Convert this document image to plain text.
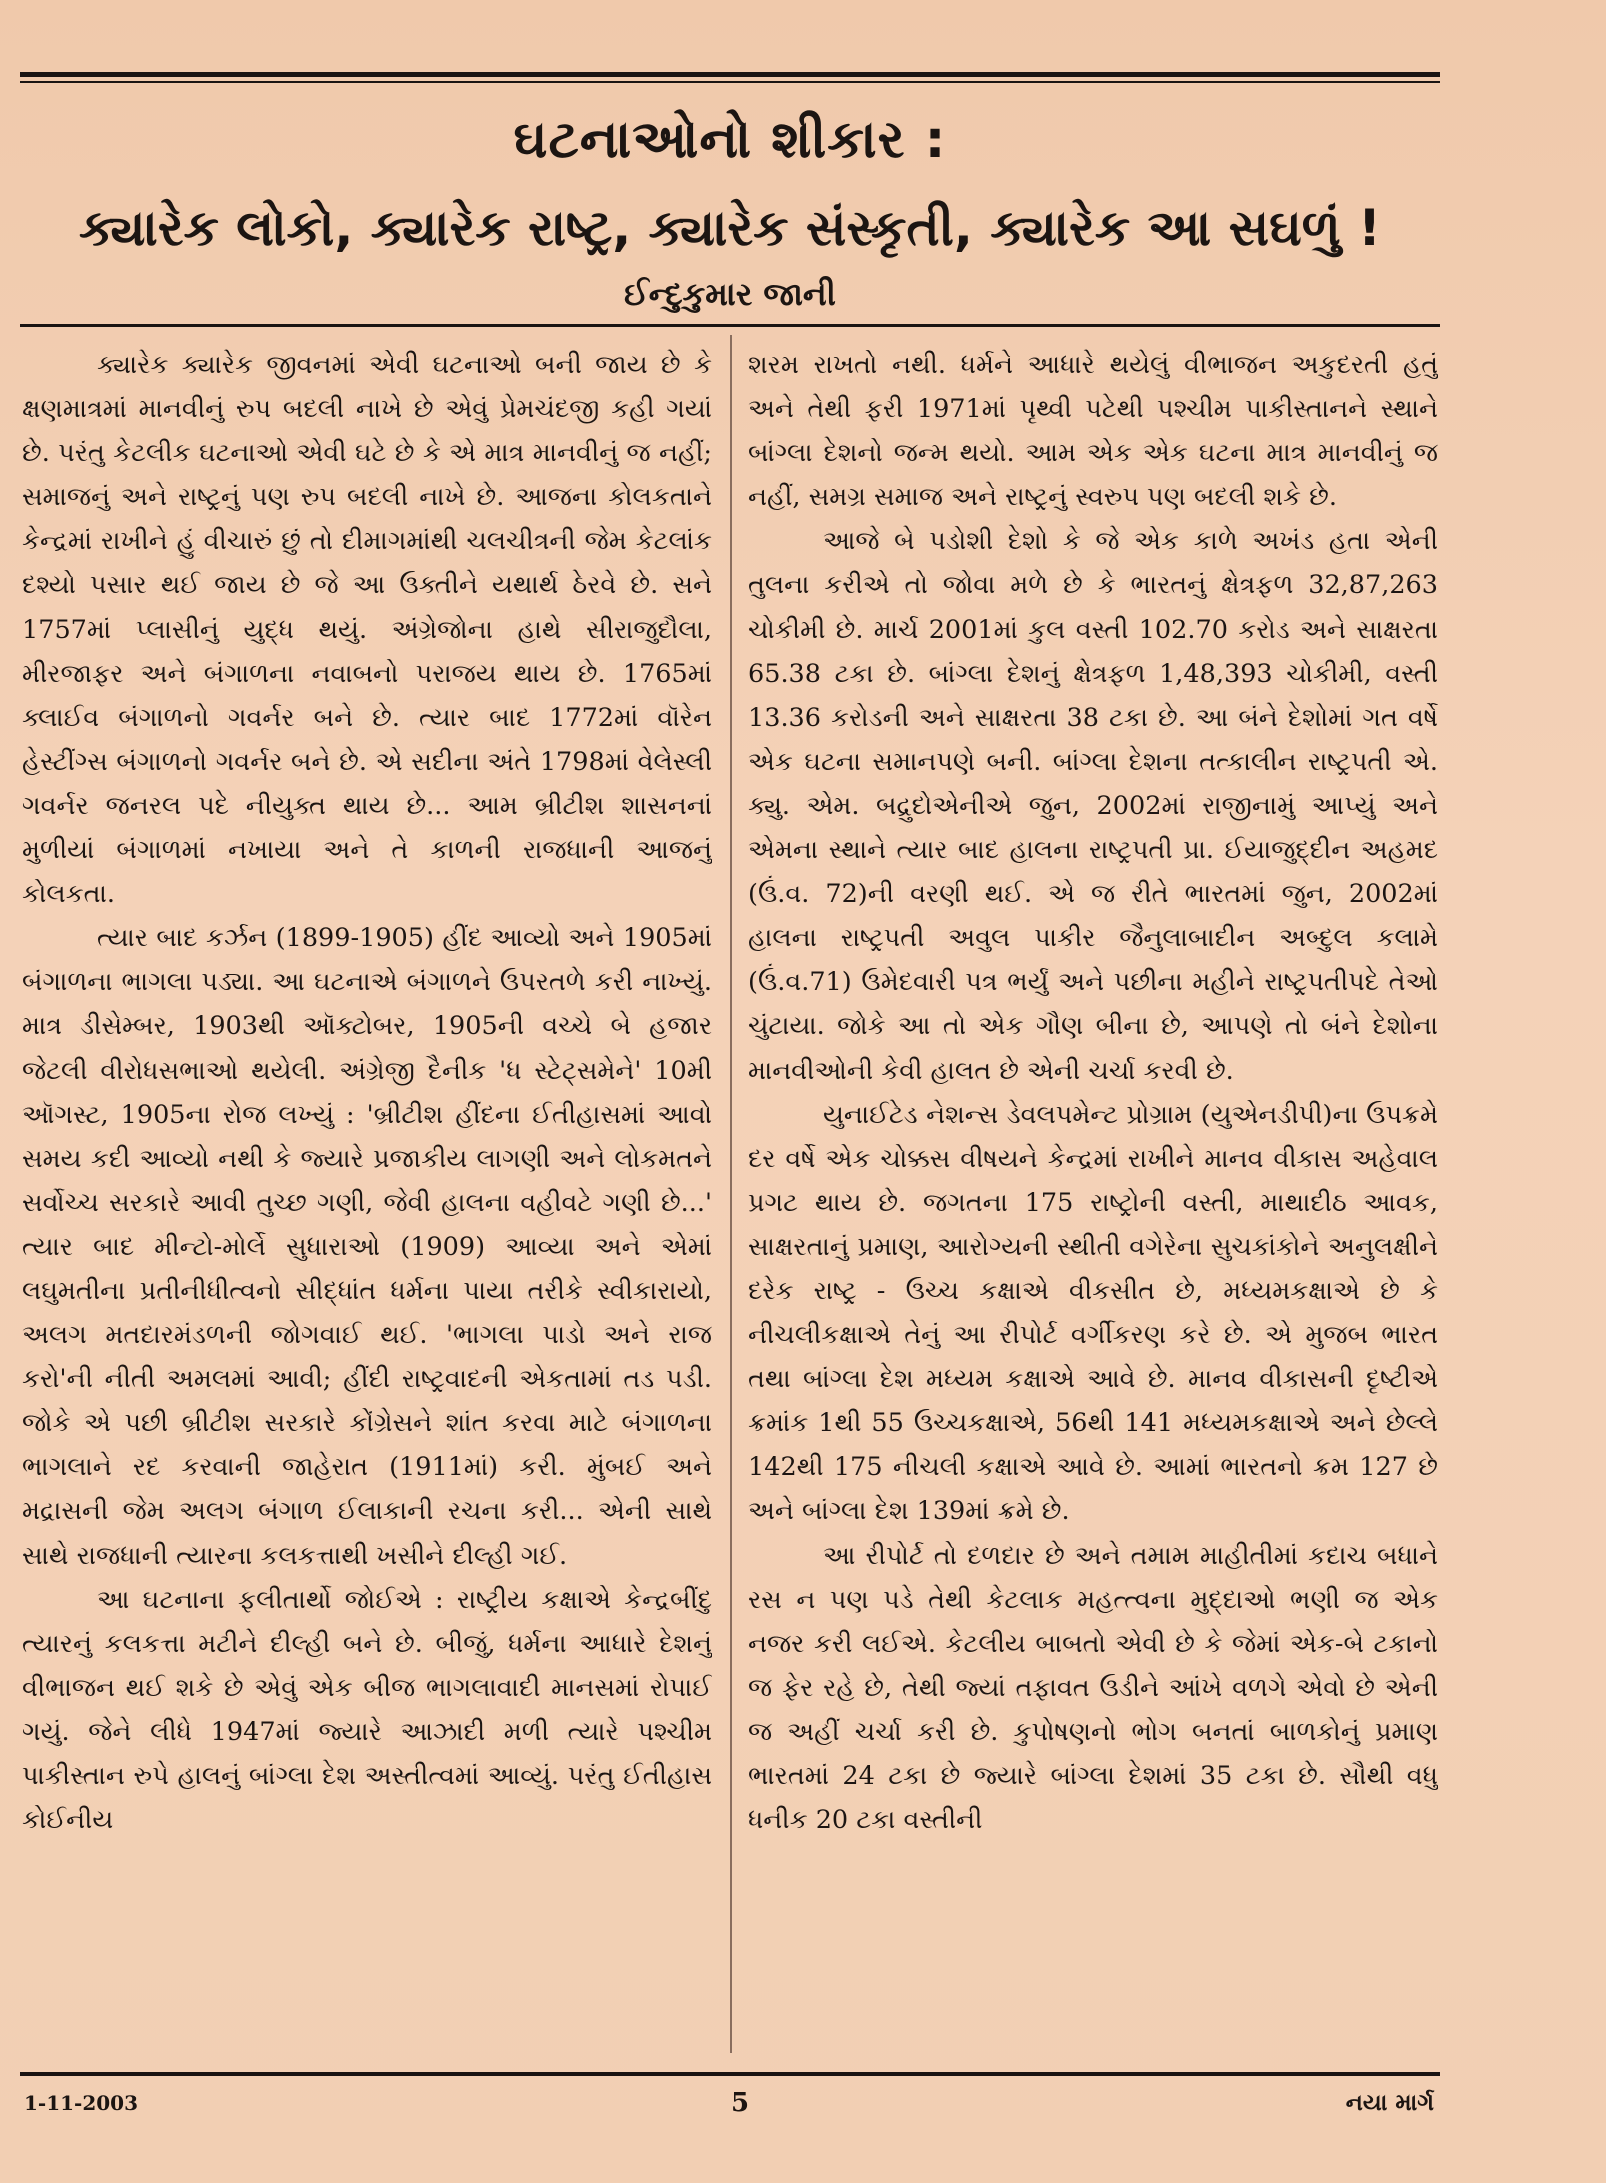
ઘટનાઓનો શીકાર :
ક્યારેક લોકો, ક્યારેક રાષ્ટ્ર, ક્યારેક સંસ્કૃતી, ક્યારેક આ સઘળું !
ઈન્દુકુમાર જાની

ક્યારેક ક્યારેક જીવનમાં એવી ઘટનાઓ બની જાય છે કે ક્ષણમાત્રમાં માનવીનું રુપ બદલી નાખે છે એવું પ્રેમચંદજી કહી ગયાં છે. પરંતુ કેટલીક ઘટનાઓ એવી ઘટે છે કે એ માત્ર માનવીનું જ નહીં; સમાજનું અને રાષ્ટ્રનું પણ રુપ બદલી નાખે છે. આજના કોલકતાને કેન્દ્રમાં રાખીને હું વીચારું છું તો દીમાગમાંથી ચલચીત્રની જેમ કેટલાંક દશ્યો પસાર થઈ જાય છે જે આ ઉક્તીને યથાર્થ ઠેરવે છે. સને 1757માં પ્લાસીનું યુદ્ધ થયું. અંગ્રેજોના હાથે સીરાજુદૌલા, મીરજાફર અને બંગાળના નવાબનો પરાજય થાય છે. 1765માં ક્લાઈવ બંગાળનો ગવર્નર બને છે. ત્યાર બાદ 1772માં વૉરેન હેસ્ટીંગ્સ બંગાળનો ગવર્નર બને છે. એ સદીના અંતે 1798માં વેલેસ્લી ગવર્નર જનરલ પદે નીયુક્ત થાય છે... આમ બ્રીટીશ શાસનનાં મુળીયાં બંગાળમાં નખાયા અને તે કાળની રાજધાની આજનું કોલકતા.

ત્યાર બાદ કર્ઝન (1899-1905) હીંદ આવ્યો અને 1905માં બંગાળના ભાગલા પડ્યા. આ ઘટનાએ બંગાળને ઉપરતળે કરી નાખ્યું. માત્ર ડીસેમ્બર, 1903થી ઑક્ટોબર, 1905ની વચ્ચે બે હજાર જેટલી વીરોધસભાઓ થયેલી. અંગ્રેજી દૈનીક 'ધ સ્ટેટ્સમેને' 10મી ઑગસ્ટ, 1905ના રોજ લખ્યું : 'બ્રીટીશ હીંદના ઈતીહાસમાં આવો સમય કદી આવ્યો નથી કે જ્યારે પ્રજાકીય લાગણી અને લોકમતને સર્વોચ્ચ સરકારે આવી તુચ્છ ગણી, જેવી હાલના વહીવટે ગણી છે...' ત્યાર બાદ મીન્ટો-મોર્લે સુધારાઓ (1909) આવ્યા અને એમાં લઘુમતીના પ્રતીનીધીત્વનો સીદ્ધાંત ધર્મના પાયા તરીકે સ્વીકારાયો, અલગ મતદારમંડળની જોગવાઈ થઈ. 'ભાગલા પાડો અને રાજ કરો'ની નીતી અમલમાં આવી; હીંદી રાષ્ટ્રવાદની એકતામાં તડ પડી. જોકે એ પછી બ્રીટીશ સરકારે કોંગ્રેસને શાંત કરવા માટે બંગાળના ભાગલાને રદ કરવાની જાહેરાત (1911માં) કરી. મુંબઈ અને મદ્રાસની જેમ અલગ બંગાળ ઈલાકાની રચના કરી... એની સાથે સાથે રાજધાની ત્યારના કલકત્તાથી ખસીને દીલ્હી ગઈ.

આ ઘટનાના ફલીતાર્થો જોઈએ : રાષ્ટ્રીય કક્ષાએ કેન્દ્રબીંદુ ત્યારનું કલકત્તા મટીને દીલ્હી બને છે. બીજું, ધર્મના આધારે દેશનું વીભાજન થઈ શકે છે એવું એક બીજ ભાગલાવાદી માનસમાં રોપાઈ ગયું. જેને લીધે 1947માં જ્યારે આઝાદી મળી ત્યારે પશ્ચીમ પાકીસ્તાન રુપે હાલનું બાંગ્લા દેશ અસ્તીત્વમાં આવ્યું. પરંતુ ઈતીહાસ કોઈનીય

શરમ રાખતો નથી. ધર્મને આધારે થયેલું વીભાજન અકુદરતી હતું અને તેથી ફરી 1971માં પૃથ્વી પટેથી પશ્ચીમ પાકીસ્તાનને સ્થાને બાંગ્લા દેશનો જન્મ થયો. આમ એક એક ઘટના માત્ર માનવીનું જ નહીં, સમગ્ર સમાજ અને રાષ્ટ્રનું સ્વરુપ પણ બદલી શકે છે.

આજે બે પડોશી દેશો કે જે એક કાળે અખંડ હતા એની તુલના કરીએ તો જોવા મળે છે કે ભારતનું ક્ષેત્રફળ 32,87,263 ચોકીમી છે. માર્ચ 2001માં કુલ વસ્તી 102.70 કરોડ અને સાક્ષરતા 65.38 ટકા છે. બાંગ્લા દેશનું ક્ષેત્રફળ 1,48,393 ચોકીમી, વસ્તી 13.36 કરોડની અને સાક્ષરતા 38 ટકા છે. આ બંને દેશોમાં ગત વર્ષે એક ઘટના સમાનપણે બની. બાંગ્લા દેશના તત્કાલીન રાષ્ટ્રપતી એ. ક્યુ. એમ. બદ્રુદોએનીએ જુન, 2002માં રાજીનામું આપ્યું અને એમના સ્થાને ત્યાર બાદ હાલના રાષ્ટ્રપતી પ્રા. ઈયાજુદ્દીન અહમદ (ઉં.વ. 72)ની વરણી થઈ. એ જ રીતે ભારતમાં જુન, 2002માં હાલના રાષ્ટ્રપતી અવુલ પાકીર જૈનુલાબાદીન અબ્દુલ કલામે (ઉં.વ.71) ઉમેદવારી પત્ર ભર્યું અને પછીના મહીને રાષ્ટ્રપતીપદે તેઓ ચુંટાયા. જોકે આ તો એક ગૌણ બીના છે, આપણે તો બંને દેશોના માનવીઓની કેવી હાલત છે એની ચર્ચા કરવી છે.

યુનાઈટેડ નેશન્સ ડેવલપમેન્ટ પ્રોગ્રામ (યુએનડીપી)ના ઉપક્રમે દર વર્ષે એક ચોક્કસ વીષયને કેન્દ્રમાં રાખીને માનવ વીકાસ અહેવાલ પ્રગટ થાય છે. જગતના 175 રાષ્ટ્રોની વસ્તી, માથાદીઠ આવક, સાક્ષરતાનું પ્રમાણ, આરોગ્યની સ્થીતી વગેરેના સુચકાંકોને અનુલક્ષીને દરેક રાષ્ટ્ર - ઉચ્ચ કક્ષાએ વીકસીત છે, મધ્યમકક્ષાએ છે કે નીચલીકક્ષાએ તેનું આ રીપોર્ટ વર્ગીકરણ કરે છે. એ મુજબ ભારત તથા બાંગ્લા દેશ મધ્યમ કક્ષાએ આવે છે. માનવ વીકાસની દૃષ્ટીએ ક્રમાંક 1થી 55 ઉચ્ચકક્ષાએ, 56થી 141 મધ્યમકક્ષાએ અને છેલ્લે 142થી 175 નીચલી કક્ષાએ આવે છે. આમાં ભારતનો ક્રમ 127 છે અને બાંગ્લા દેશ 139માં ક્રમે છે.

આ રીપોર્ટ તો દળદાર છે અને તમામ માહીતીમાં કદાચ બધાને રસ ન પણ પડે તેથી કેટલાક મહત્ત્વના મુદ્દાઓ ભણી જ એક નજર કરી લઈએ. કેટલીય બાબતો એવી છે કે જેમાં એક-બે ટકાનો જ ફેર રહે છે, તેથી જ્યાં તફાવત ઉડીને આંખે વળગે એવો છે એની જ અહીં ચર્ચા કરી છે. કુપોષણનો ભોગ બનતાં બાળકોનું પ્રમાણ ભારતમાં 24 ટકા છે જ્યારે બાંગ્લા દેશમાં 35 ટકા છે. સૌથી વધુ ધનીક 20 ટકા વસ્તીની

1-11-2003	5	નયા માર્ગ
